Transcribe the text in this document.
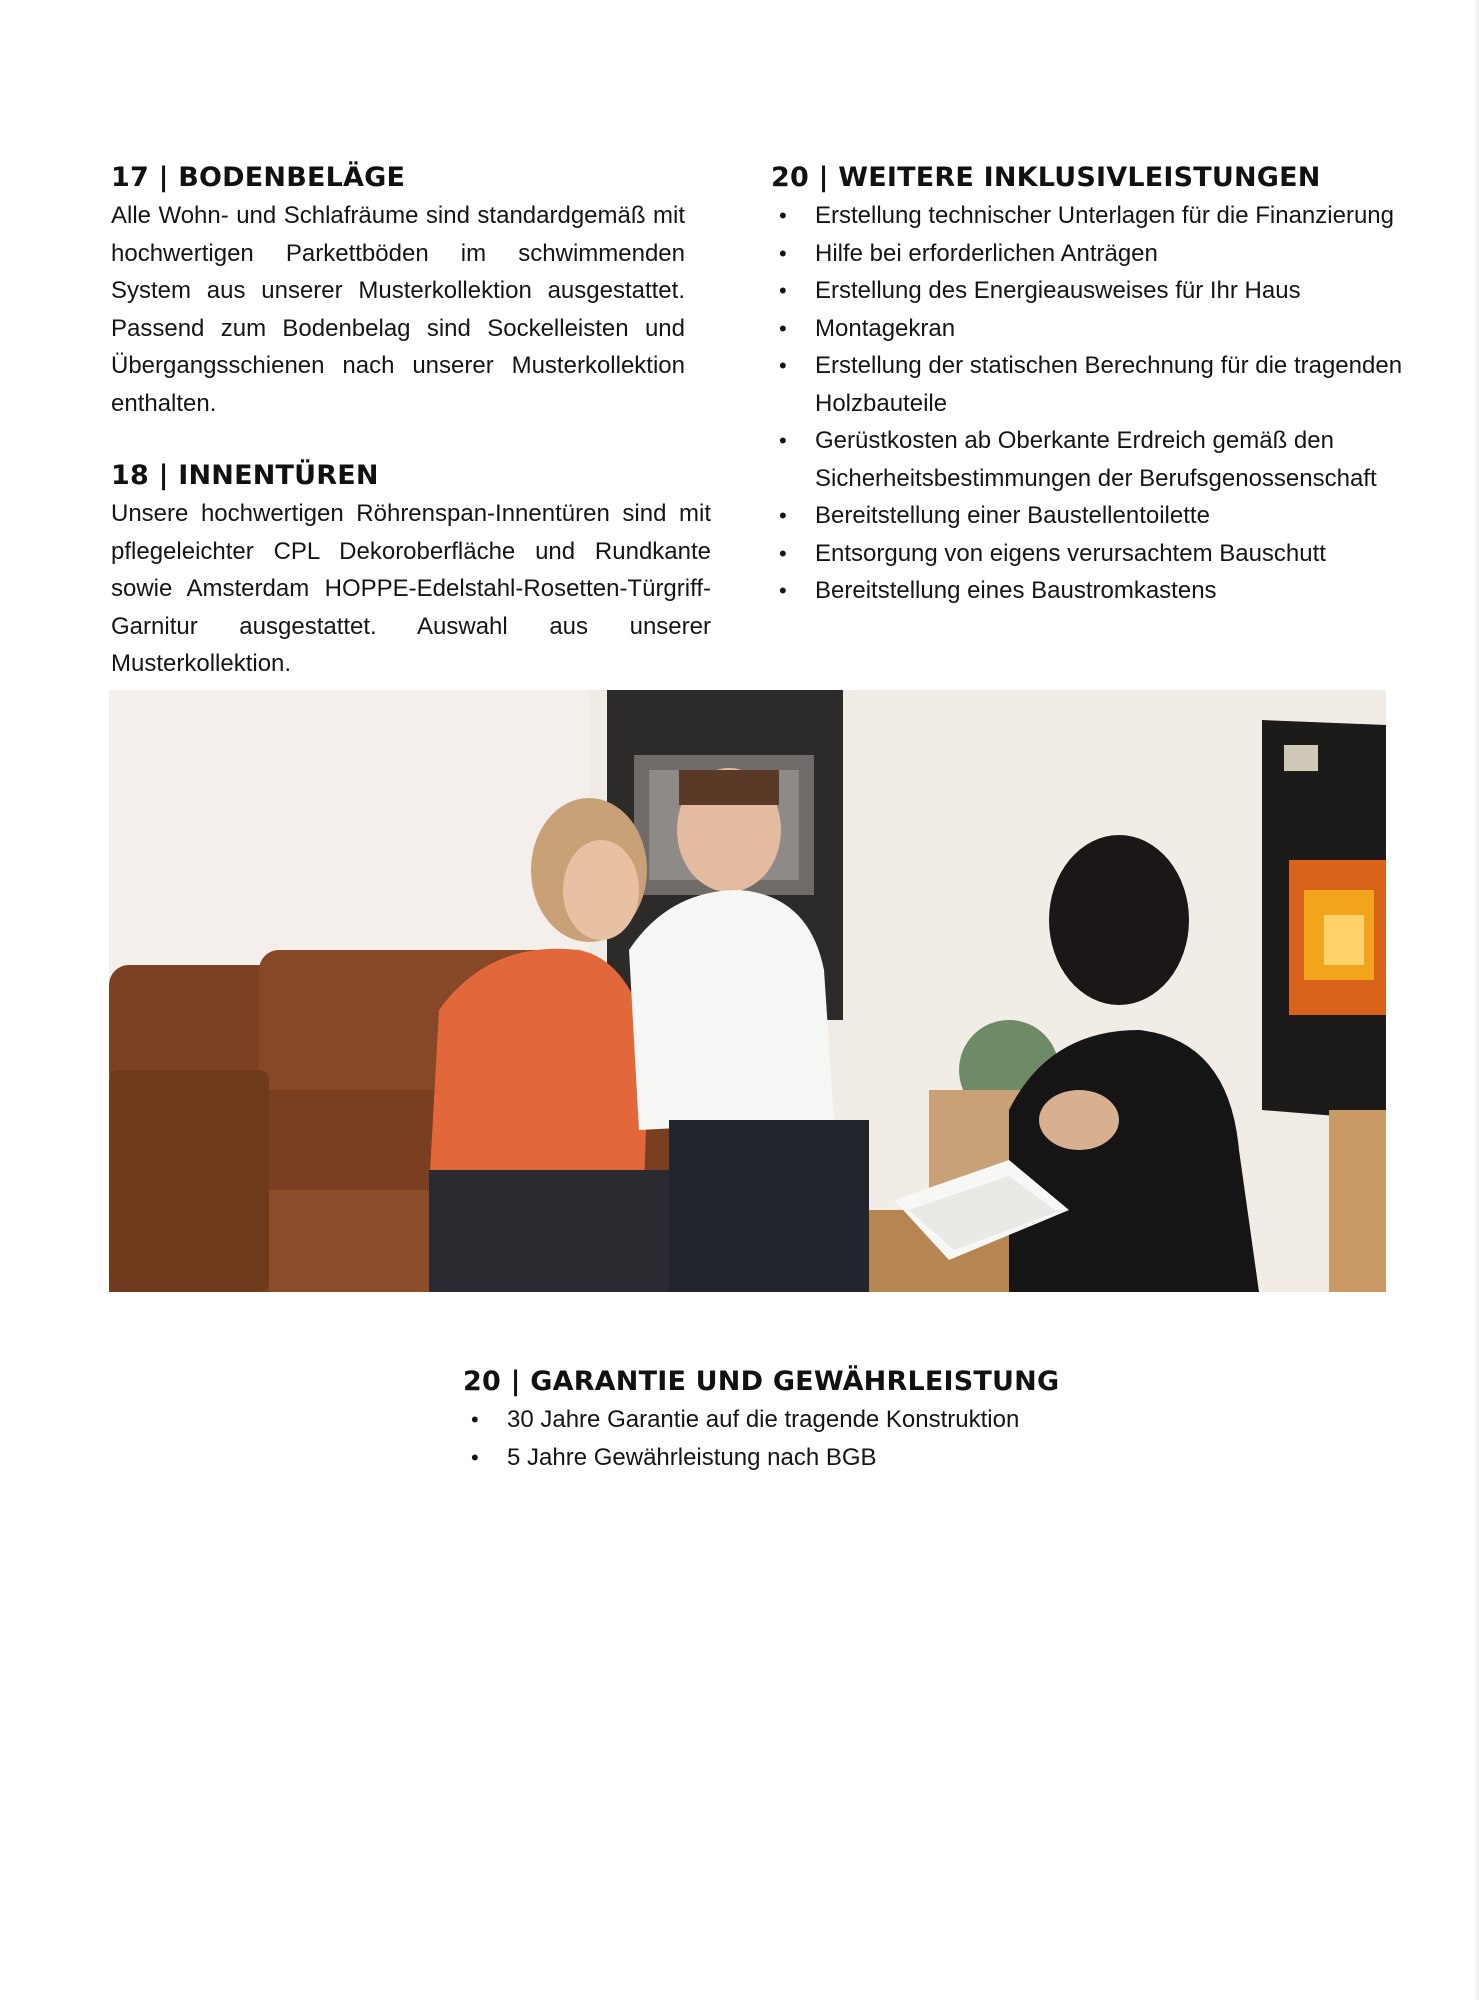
17 | BODENBELÄGE

Alle Wohn- und Schlafräume sind standardgemäß mit hochwertigen Parkettböden im schwimmenden System aus unserer Musterkollektion ausgestattet. Passend zum Bodenbelag sind Sockelleisten und Übergangsschienen nach unserer Musterkollektion enthalten.

18 | INNENTÜREN

Unsere hochwertigen Röhrenspan-Innentüren sind mit pflegeleichter CPL Dekoroberfläche und Rundkante sowie Amsterdam HOPPE-Edelstahl-Rosetten-Türgriff- Garnitur ausgestattet. Auswahl aus unserer Musterkollektion.

20 | WEITERE INKLUSIVLEISTUNGEN
• Erstellung technischer Unterlagen für die Finanzierung
• Hilfe bei erforderlichen Anträgen
• Erstellung des Energieausweises für Ihr Haus
• Montagekran
• Erstellung der statischen Berechnung für die tragenden Holzbauteile
• Gerüstkosten ab Oberkante Erdreich gemäß den Sicherheitsbestimmungen der Berufsgenossenschaft
• Bereitstellung einer Baustellentoilette
• Entsorgung von eigens verursachtem Bauschutt
• Bereitstellung eines Baustromkastens
20 | GARANTIE UND GEWÄHRLEISTUNG
• 30 Jahre Garantie auf die tragende Konstruktion
• 5 Jahre Gewährleistung nach BGB
